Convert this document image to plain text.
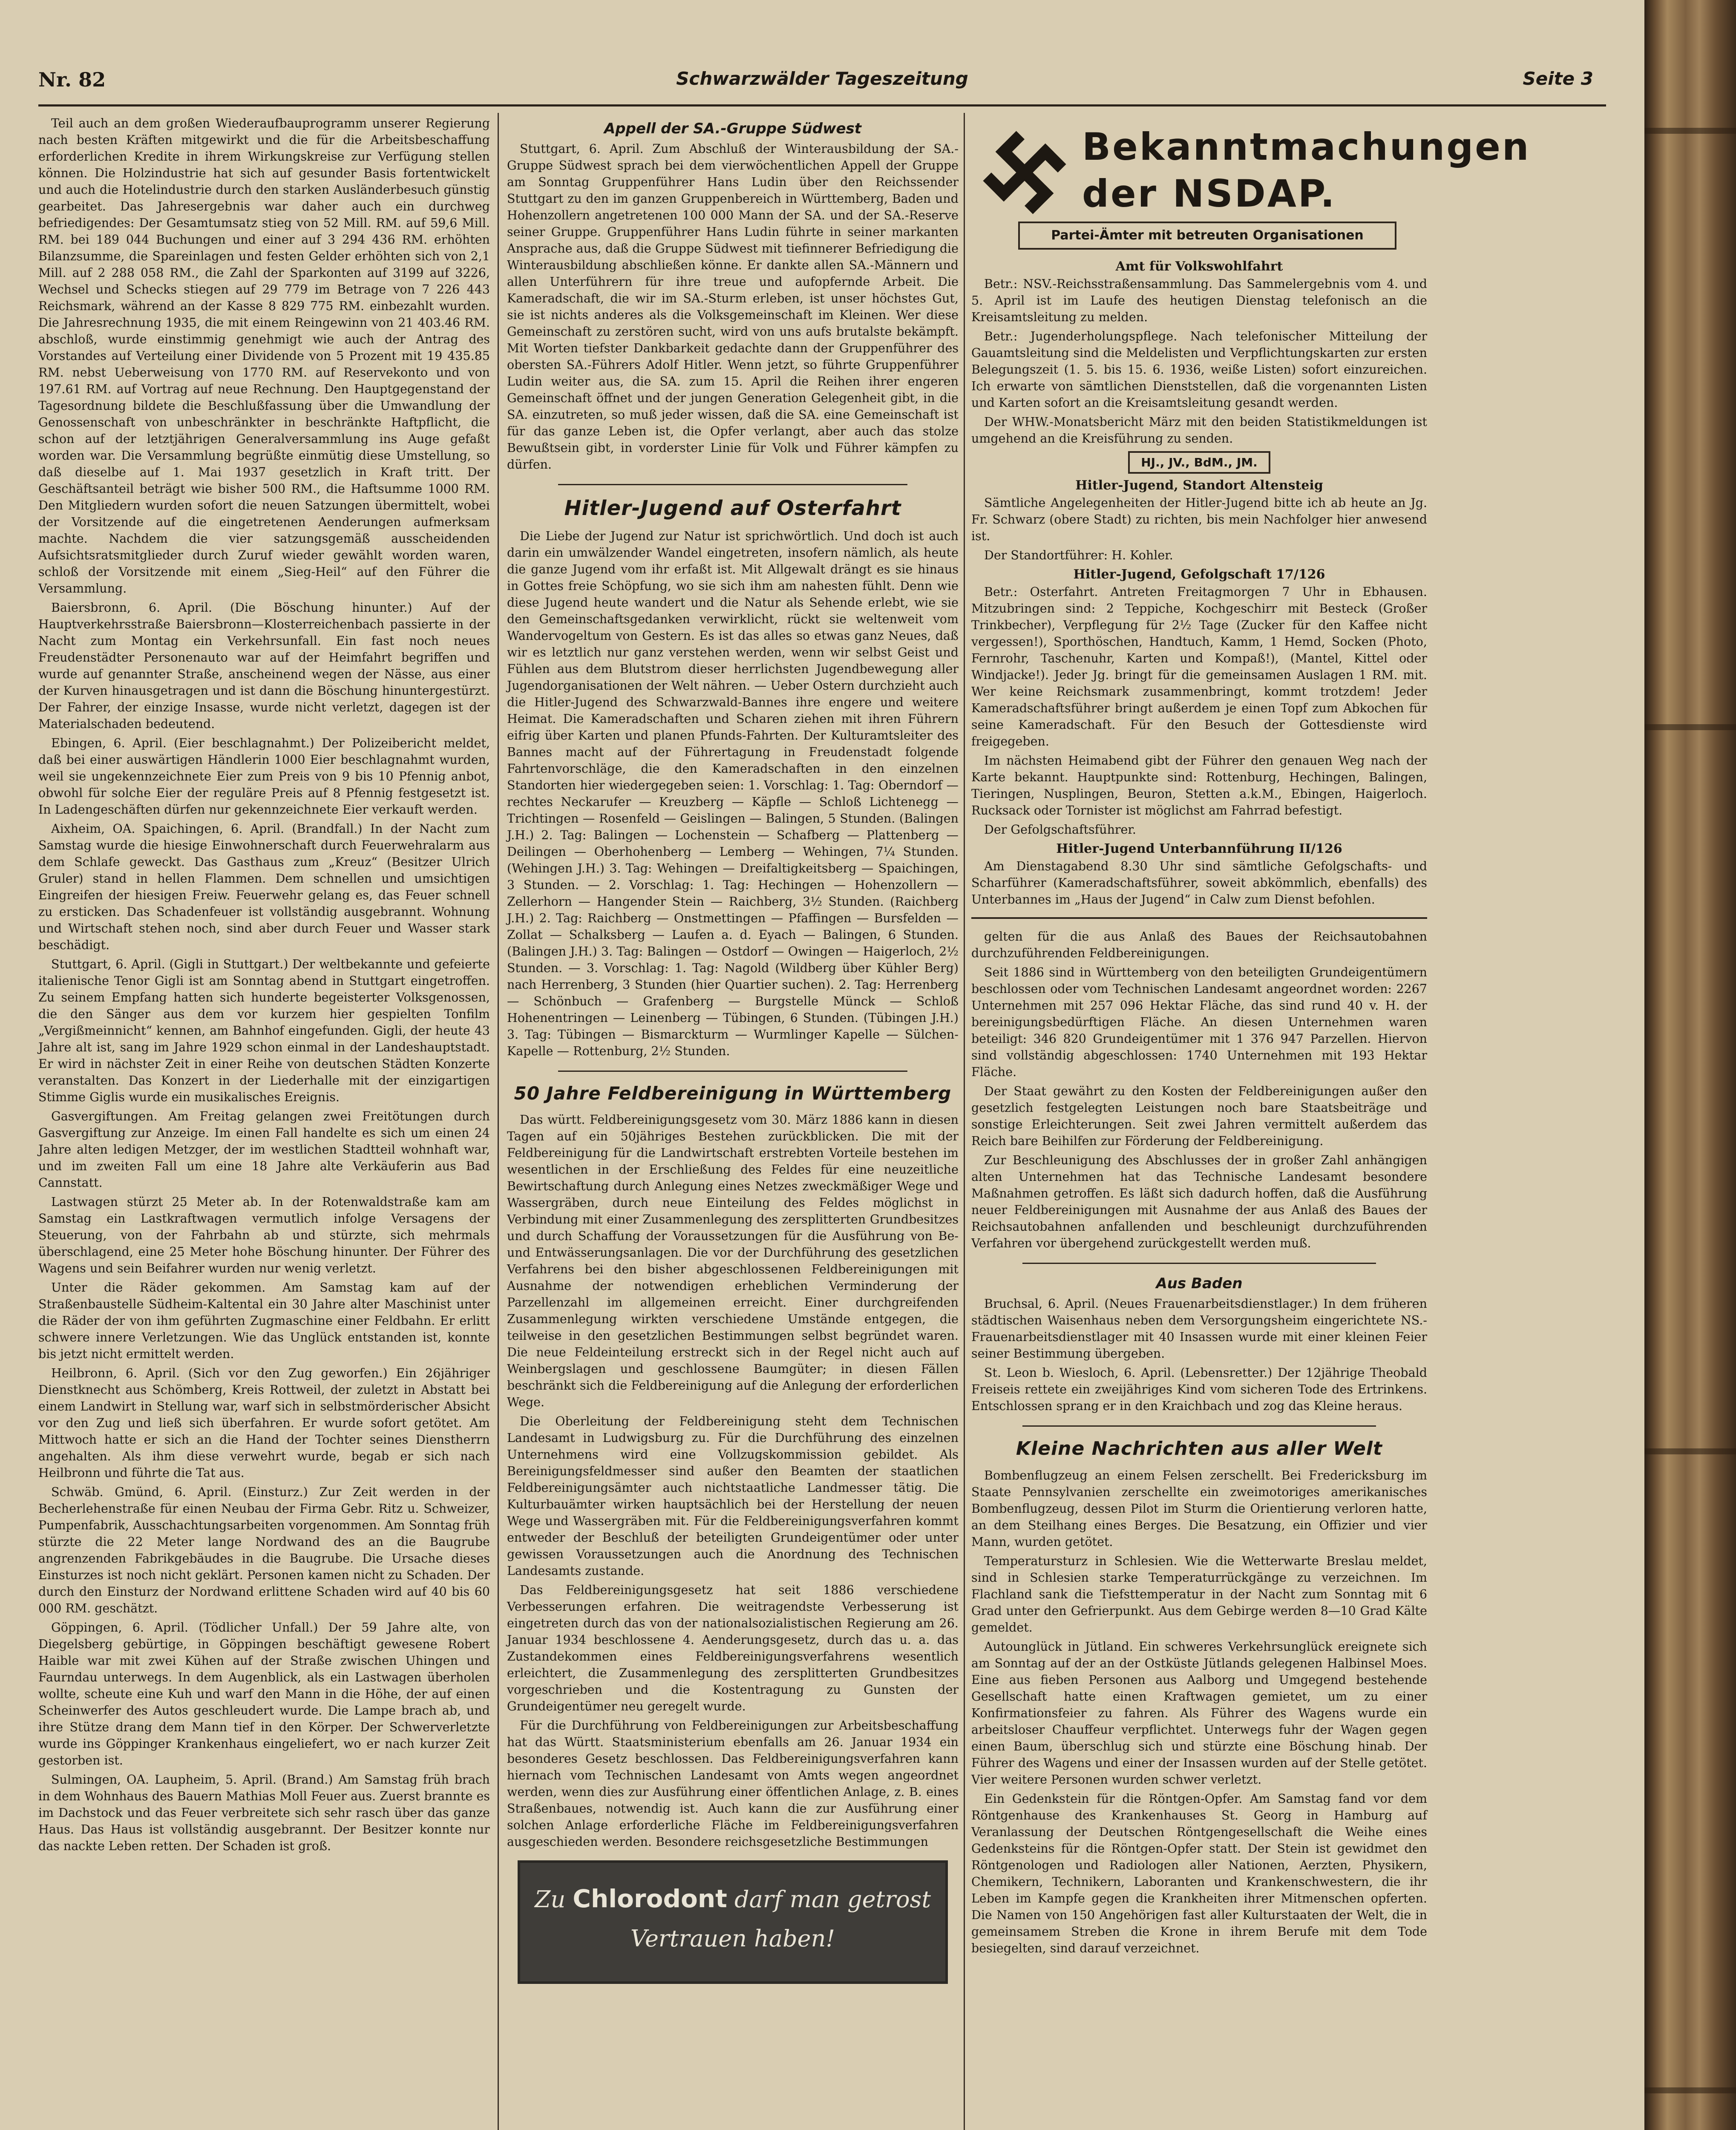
Nr. 82	Schwarzwälder Tageszeitung	Seite 3

Teil auch an dem großen Wiederaufbauprogramm unserer Regierung nach besten Kräften mitgewirkt und die für die Arbeitsbeschaffung erforderlichen Kredite in ihrem Wirkungskreise zur Verfügung stellen können. Die Holzindustrie hat sich auf gesunder Basis fortentwickelt und auch die Hotelindustrie durch den starken Ausländerbesuch günstig gearbeitet. Das Jahresergebnis war daher auch ein durchweg befriedigendes: Der Gesamtumsatz stieg von 52 Mill. RM. auf 59,6 Mill. RM. bei 189 044 Buchungen und einer auf 3 294 436 RM. erhöhten Bilanzsumme, die Spareinlagen und festen Gelder erhöhten sich von 2,1 Mill. auf 2 288 058 RM., die Zahl der Sparkonten auf 3199 auf 3226, Wechsel und Schecks stiegen auf 29 779 im Betrage von 7 226 443 Reichsmark, während an der Kasse 8 829 775 RM. einbezahlt wurden. Die Jahresrechnung 1935, die mit einem Reingewinn von 21 403.46 RM. abschloß, wurde einstimmig genehmigt wie auch der Antrag des Vorstandes auf Verteilung einer Dividende von 5 Prozent mit 19 435.85 RM. nebst Ueberweisung von 1770 RM. auf Reservekonto und von 197.61 RM. auf Vortrag auf neue Rechnung. Den Hauptgegenstand der Tagesordnung bildete die Beschlußfassung über die Umwandlung der Genossenschaft von unbeschränkter in beschränkte Haftpflicht, die schon auf der letztjährigen Generalversammlung ins Auge gefaßt worden war. Die Versammlung begrüßte einmütig diese Umstellung, so daß dieselbe auf 1. Mai 1937 gesetzlich in Kraft tritt. Der Geschäftsanteil beträgt wie bisher 500 RM., die Haftsumme 1000 RM. Den Mitgliedern wurden sofort die neuen Satzungen übermittelt, wobei der Vorsitzende auf die eingetretenen Aenderungen aufmerksam machte. Nachdem die vier satzungsgemäß ausscheidenden Aufsichtsratsmitglieder durch Zuruf wieder gewählt worden waren, schloß der Vorsitzende mit einem „Sieg-Heil“ auf den Führer die Versammlung.

Baiersbronn, 6. April. (Die Böschung hinunter.) Auf der Hauptverkehrsstraße Baiersbronn—Klosterreichenbach passierte in der Nacht zum Montag ein Verkehrsunfall. Ein fast noch neues Freudenstädter Personenauto war auf der Heimfahrt begriffen und wurde auf genannter Straße, anscheinend wegen der Nässe, aus einer der Kurven hinausgetragen und ist dann die Böschung hinuntergestürzt. Der Fahrer, der einzige Insasse, wurde nicht verletzt, dagegen ist der Materialschaden bedeutend.

Ebingen, 6. April. (Eier beschlagnahmt.) Der Polizeibericht meldet, daß bei einer auswärtigen Händlerin 1000 Eier beschlagnahmt wurden, weil sie ungekennzeichnete Eier zum Preis von 9 bis 10 Pfennig anbot, obwohl für solche Eier der reguläre Preis auf 8 Pfennig festgesetzt ist. In Ladengeschäften dürfen nur gekennzeichnete Eier verkauft werden.

Aixheim, OA. Spaichingen, 6. April. (Brandfall.) In der Nacht zum Samstag wurde die hiesige Einwohnerschaft durch Feuerwehralarm aus dem Schlafe geweckt. Das Gasthaus zum „Kreuz“ (Besitzer Ulrich Gruler) stand in hellen Flammen. Dem schnellen und umsichtigen Eingreifen der hiesigen Freiw. Feuerwehr gelang es, das Feuer schnell zu ersticken. Das Schadenfeuer ist vollständig ausgebrannt. Wohnung und Wirtschaft stehen noch, sind aber durch Feuer und Wasser stark beschädigt.

Stuttgart, 6. April. (Gigli in Stuttgart.) Der weltbekannte und gefeierte italienische Tenor Gigli ist am Sonntag abend in Stuttgart eingetroffen. Zu seinem Empfang hatten sich hunderte begeisterter Volksgenossen, die den Sänger aus dem vor kurzem hier gespielten Tonfilm „Vergißmeinnicht“ kennen, am Bahnhof eingefunden. Gigli, der heute 43 Jahre alt ist, sang im Jahre 1929 schon einmal in der Landeshauptstadt. Er wird in nächster Zeit in einer Reihe von deutschen Städten Konzerte veranstalten. Das Konzert in der Liederhalle mit der einzigartigen Stimme Giglis wurde ein musikalisches Ereignis.

Gasvergiftungen. Am Freitag gelangen zwei Freitötungen durch Gasvergiftung zur Anzeige. Im einen Fall handelte es sich um einen 24 Jahre alten ledigen Metzger, der im westlichen Stadtteil wohnhaft war, und im zweiten Fall um eine 18 Jahre alte Verkäuferin aus Bad Cannstatt.

Lastwagen stürzt 25 Meter ab. In der Rotenwaldstraße kam am Samstag ein Lastkraftwagen vermutlich infolge Versagens der Steuerung, von der Fahrbahn ab und stürzte, sich mehrmals überschlagend, eine 25 Meter hohe Böschung hinunter. Der Führer des Wagens und sein Beifahrer wurden nur wenig verletzt.

Unter die Räder gekommen. Am Samstag kam auf der Straßenbaustelle Südheim-Kaltental ein 30 Jahre alter Maschinist unter die Räder der von ihm geführten Zugmaschine einer Feldbahn. Er erlitt schwere innere Verletzungen. Wie das Unglück entstanden ist, konnte bis jetzt nicht ermittelt werden.

Heilbronn, 6. April. (Sich vor den Zug geworfen.) Ein 26jähriger Dienstknecht aus Schömberg, Kreis Rottweil, der zuletzt in Abstatt bei einem Landwirt in Stellung war, warf sich in selbstmörderischer Absicht vor den Zug und ließ sich überfahren. Er wurde sofort getötet. Am Mittwoch hatte er sich an die Hand der Tochter seines Dienstherrn angehalten. Als ihm diese verwehrt wurde, begab er sich nach Heilbronn und führte die Tat aus.

Schwäb. Gmünd, 6. April. (Einsturz.) Zur Zeit werden in der Becherlehenstraße für einen Neubau der Firma Gebr. Ritz u. Schweizer, Pumpenfabrik, Ausschachtungsarbeiten vorgenommen. Am Sonntag früh stürzte die 22 Meter lange Nordwand des an die Baugrube angrenzenden Fabrikgebäudes in die Baugrube. Die Ursache dieses Einsturzes ist noch nicht geklärt. Personen kamen nicht zu Schaden. Der durch den Einsturz der Nordwand erlittene Schaden wird auf 40 bis 60 000 RM. geschätzt.

Göppingen, 6. April. (Tödlicher Unfall.) Der 59 Jahre alte, von Diegelsberg gebürtige, in Göppingen beschäftigt gewesene Robert Haible war mit zwei Kühen auf der Straße zwischen Uhingen und Faurndau unterwegs. In dem Augenblick, als ein Lastwagen überholen wollte, scheute eine Kuh und warf den Mann in die Höhe, der auf einen Scheinwerfer des Autos geschleudert wurde. Die Lampe brach ab, und ihre Stütze drang dem Mann tief in den Körper. Der Schwerverletzte wurde ins Göppinger Krankenhaus eingeliefert, wo er nach kurzer Zeit gestorben ist.

Sulmingen, OA. Laupheim, 5. April. (Brand.) Am Samstag früh brach in dem Wohnhaus des Bauern Mathias Moll Feuer aus. Zuerst brannte es im Dachstock und das Feuer verbreitete sich sehr rasch über das ganze Haus. Das Haus ist vollständig ausgebrannt. Der Besitzer konnte nur das nackte Leben retten. Der Schaden ist groß.

Appell der SA.-Gruppe Südwest

Stuttgart, 6. April. Zum Abschluß der Winterausbildung der SA.-Gruppe Südwest sprach bei dem vierwöchentlichen Appell der Gruppe am Sonntag Gruppenführer Hans Ludin über den Reichssender Stuttgart zu den im ganzen Gruppenbereich in Württemberg, Baden und Hohenzollern angetretenen 100 000 Mann der SA. und der SA.-Reserve seiner Gruppe. Gruppenführer Hans Ludin führte in seiner markanten Ansprache aus, daß die Gruppe Südwest mit tiefinnerer Befriedigung die Winterausbildung abschließen könne. Er dankte allen SA.-Männern und allen Unterführern für ihre treue und aufopfernde Arbeit. Die Kameradschaft, die wir im SA.-Sturm erleben, ist unser höchstes Gut, sie ist nichts anderes als die Volksgemeinschaft im Kleinen. Wer diese Gemeinschaft zu zerstören sucht, wird von uns aufs brutalste bekämpft. Mit Worten tiefster Dankbarkeit gedachte dann der Gruppenführer des obersten SA.-Führers Adolf Hitler. Wenn jetzt, so führte Gruppenführer Ludin weiter aus, die SA. zum 15. April die Reihen ihrer engeren Gemeinschaft öffnet und der jungen Generation Gelegenheit gibt, in die SA. einzutreten, so muß jeder wissen, daß die SA. eine Gemeinschaft ist für das ganze Leben ist, die Opfer verlangt, aber auch das stolze Bewußtsein gibt, in vorderster Linie für Volk und Führer kämpfen zu dürfen.

Hitler-Jugend auf Osterfahrt

Die Liebe der Jugend zur Natur ist sprichwörtlich. Und doch ist auch darin ein umwälzender Wandel eingetreten, insofern nämlich, als heute die ganze Jugend vom ihr erfaßt ist. Mit Allgewalt drängt es sie hinaus in Gottes freie Schöpfung, wo sie sich ihm am nahesten fühlt. Denn wie diese Jugend heute wandert und die Natur als Sehende erlebt, wie sie den Gemeinschaftsgedanken verwirklicht, rückt sie weltenweit vom Wandervogeltum von Gestern. Es ist das alles so etwas ganz Neues, daß wir es letztlich nur ganz verstehen werden, wenn wir selbst Geist und Fühlen aus dem Blutstrom dieser herrlichsten Jugendbewegung aller Jugendorganisationen der Welt nähren. — Ueber Ostern durchzieht auch die Hitler-Jugend des Schwarzwald-Bannes ihre engere und weitere Heimat. Die Kameradschaften und Scharen ziehen mit ihren Führern eifrig über Karten und planen Pfunds-Fahrten. Der Kulturamtsleiter des Bannes macht auf der Führertagung in Freudenstadt folgende Fahrtenvorschläge, die den Kameradschaften in den einzelnen Standorten hier wiedergegeben seien: 1. Vorschlag: 1. Tag: Oberndorf — rechtes Neckarufer — Kreuzberg — Käpfle — Schloß Lichtenegg — Trichtingen — Rosenfeld — Geislingen — Balingen, 5 Stunden. (Balingen J.H.) 2. Tag: Balingen — Lochenstein — Schafberg — Plattenberg — Deilingen — Oberhohenberg — Lemberg — Wehingen, 7¼ Stunden. (Wehingen J.H.) 3. Tag: Wehingen — Dreifaltigkeitsberg — Spaichingen, 3 Stunden. — 2. Vorschlag: 1. Tag: Hechingen — Hohenzollern — Zellerhorn — Hangender Stein — Raichberg, 3½ Stunden. (Raichberg J.H.) 2. Tag: Raichberg — Onstmettingen — Pfaffingen — Bursfelden — Zollat — Schalksberg — Laufen a. d. Eyach — Balingen, 6 Stunden. (Balingen J.H.) 3. Tag: Balingen — Ostdorf — Owingen — Haigerloch, 2½ Stunden. — 3. Vorschlag: 1. Tag: Nagold (Wildberg über Kühler Berg) nach Herrenberg, 3 Stunden (hier Quartier suchen). 2. Tag: Herrenberg — Schönbuch — Grafenberg — Burgstelle Münck — Schloß Hohenentringen — Leinenberg — Tübingen, 6 Stunden. (Tübingen J.H.) 3. Tag: Tübingen — Bismarckturm — Wurmlinger Kapelle — Sülchen-Kapelle — Rottenburg, 2½ Stunden.

50 Jahre Feldbereinigung in Württemberg

Das württ. Feldbereinigungsgesetz vom 30. März 1886 kann in diesen Tagen auf ein 50jähriges Bestehen zurückblicken. Die mit der Feldbereinigung für die Landwirtschaft erstrebten Vorteile bestehen im wesentlichen in der Erschließung des Feldes für eine neuzeitliche Bewirtschaftung durch Anlegung eines Netzes zweckmäßiger Wege und Wassergräben, durch neue Einteilung des Feldes möglichst in Verbindung mit einer Zusammenlegung des zersplitterten Grundbesitzes und durch Schaffung der Voraussetzungen für die Ausführung von Be- und Entwässerungsanlagen. Die vor der Durchführung des gesetzlichen Verfahrens bei den bisher abgeschlossenen Feldbereinigungen mit Ausnahme der notwendigen erheblichen Verminderung der Parzellenzahl im allgemeinen erreicht. Einer durchgreifenden Zusammenlegung wirkten verschiedene Umstände entgegen, die teilweise in den gesetzlichen Bestimmungen selbst begründet waren. Die neue Feldeinteilung erstreckt sich in der Regel nicht auch auf Weinbergslagen und geschlossene Baumgüter; in diesen Fällen beschränkt sich die Feldbereinigung auf die Anlegung der erforderlichen Wege.

Die Oberleitung der Feldbereinigung steht dem Technischen Landesamt in Ludwigsburg zu. Für die Durchführung des einzelnen Unternehmens wird eine Vollzugskommission gebildet. Als Bereinigungsfeldmesser sind außer den Beamten der staatlichen Feldbereinigungsämter auch nichtstaatliche Landmesser tätig. Die Kulturbauämter wirken hauptsächlich bei der Herstellung der neuen Wege und Wassergräben mit. Für die Feldbereinigungsverfahren kommt entweder der Beschluß der beteiligten Grundeigentümer oder unter gewissen Voraussetzungen auch die Anordnung des Technischen Landesamts zustande.

Das Feldbereinigungsgesetz hat seit 1886 verschiedene Verbesserungen erfahren. Die weitragendste Verbesserung ist eingetreten durch das von der nationalsozialistischen Regierung am 26. Januar 1934 beschlossene 4. Aenderungsgesetz, durch das u. a. das Zustandekommen eines Feldbereinigungsverfahrens wesentlich erleichtert, die Zusammenlegung des zersplitterten Grundbesitzes vorgeschrieben und die Kostentragung zu Gunsten der Grundeigentümer neu geregelt wurde.

Für die Durchführung von Feldbereinigungen zur Arbeitsbeschaffung hat das Württ. Staatsministerium ebenfalls am 26. Januar 1934 ein besonderes Gesetz beschlossen. Das Feldbereinigungsverfahren kann hiernach vom Technischen Landesamt von Amts wegen angeordnet werden, wenn dies zur Ausführung einer öffentlichen Anlage, z. B. eines Straßenbaues, notwendig ist. Auch kann die zur Ausführung einer solchen Anlage erforderliche Fläche im Feldbereinigungsverfahren ausgeschieden werden. Besondere reichsgesetzliche Bestimmungen

Zu Chlorodont darf man getrost
Vertrauen haben!
Bekanntmachungen
der NSDAP.
Partei-Ämter mit betreuten Organisationen
Amt für Volkswohlfahrt

Betr.: NSV.-Reichsstraßensammlung. Das Sammelergebnis vom 4. und 5. April ist im Laufe des heutigen Dienstag telefonisch an die Kreisamtsleitung zu melden.

Betr.: Jugenderholungspflege. Nach telefonischer Mitteilung der Gauamtsleitung sind die Meldelisten und Verpflichtungskarten zur ersten Belegungszeit (1. 5. bis 15. 6. 1936, weiße Listen) sofort einzureichen. Ich erwarte von sämtlichen Dienststellen, daß die vorgenannten Listen und Karten sofort an die Kreisamtsleitung gesandt werden.

Der WHW.-Monatsbericht März mit den beiden Statistikmeldungen ist umgehend an die Kreisführung zu senden.

HJ., JV., BdM., JM.
Hitler-Jugend, Standort Altensteig

Sämtliche Angelegenheiten der Hitler-Jugend bitte ich ab heute an Jg. Fr. Schwarz (obere Stadt) zu richten, bis mein Nachfolger hier anwesend ist.

Der Standortführer: H. Kohler.

Hitler-Jugend, Gefolgschaft 17/126

Betr.: Osterfahrt. Antreten Freitagmorgen 7 Uhr in Ebhausen. Mitzubringen sind: 2 Teppiche, Kochgeschirr mit Besteck (Großer Trinkbecher), Verpflegung für 2½ Tage (Zucker für den Kaffee nicht vergessen!), Sporthöschen, Handtuch, Kamm, 1 Hemd, Socken (Photo, Fernrohr, Taschenuhr, Karten und Kompaß!), (Mantel, Kittel oder Windjacke!). Jeder Jg. bringt für die gemeinsamen Auslagen 1 RM. mit. Wer keine Reichsmark zusammenbringt, kommt trotzdem! Jeder Kameradschaftsführer bringt außerdem je einen Topf zum Abkochen für seine Kameradschaft. Für den Besuch der Gottesdienste wird freigegeben.

Im nächsten Heimabend gibt der Führer den genauen Weg nach der Karte bekannt. Hauptpunkte sind: Rottenburg, Hechingen, Balingen, Tieringen, Nusplingen, Beuron, Stetten a.k.M., Ebingen, Haigerloch. Rucksack oder Tornister ist möglichst am Fahrrad befestigt.

Der Gefolgschaftsführer.

Hitler-Jugend Unterbannführung II/126

Am Dienstagabend 8.30 Uhr sind sämtliche Gefolgschafts- und Scharführer (Kameradschaftsführer, soweit abkömmlich, ebenfalls) des Unterbannes im „Haus der Jugend“ in Calw zum Dienst befohlen.

gelten für die aus Anlaß des Baues der Reichsautobahnen durchzuführenden Feldbereinigungen.

Seit 1886 sind in Württemberg von den beteiligten Grundeigentümern beschlossen oder vom Technischen Landesamt angeordnet worden: 2267 Unternehmen mit 257 096 Hektar Fläche, das sind rund 40 v. H. der bereinigungsbedürftigen Fläche. An diesen Unternehmen waren beteiligt: 346 820 Grundeigentümer mit 1 376 947 Parzellen. Hiervon sind vollständig abgeschlossen: 1740 Unternehmen mit 193 Hektar Fläche.

Der Staat gewährt zu den Kosten der Feldbereinigungen außer den gesetzlich festgelegten Leistungen noch bare Staatsbeiträge und sonstige Erleichterungen. Seit zwei Jahren vermittelt außerdem das Reich bare Beihilfen zur Förderung der Feldbereinigung.

Zur Beschleunigung des Abschlusses der in großer Zahl anhängigen alten Unternehmen hat das Technische Landesamt besondere Maßnahmen getroffen. Es läßt sich dadurch hoffen, daß die Ausführung neuer Feldbereinigungen mit Ausnahme der aus Anlaß des Baues der Reichsautobahnen anfallenden und beschleunigt durchzuführenden Verfahren vor übergehend zurückgestellt werden muß.

Aus Baden

Bruchsal, 6. April. (Neues Frauenarbeitsdienstlager.) In dem früheren städtischen Waisenhaus neben dem Versorgungsheim eingerichtete NS.-Frauenarbeitsdienstlager mit 40 Insassen wurde mit einer kleinen Feier seiner Bestimmung übergeben.

St. Leon b. Wiesloch, 6. April. (Lebensretter.) Der 12jährige Theobald Freiseis rettete ein zweijähriges Kind vom sicheren Tode des Ertrinkens. Entschlossen sprang er in den Kraichbach und zog das Kleine heraus.

Kleine Nachrichten aus aller Welt

Bombenflugzeug an einem Felsen zerschellt. Bei Fredericksburg im Staate Pennsylvanien zerschellte ein zweimotoriges amerikanisches Bombenflugzeug, dessen Pilot im Sturm die Orientierung verloren hatte, an dem Steilhang eines Berges. Die Besatzung, ein Offizier und vier Mann, wurden getötet.

Temperatursturz in Schlesien. Wie die Wetterwarte Breslau meldet, sind in Schlesien starke Temperaturrückgänge zu verzeichnen. Im Flachland sank die Tiefsttemperatur in der Nacht zum Sonntag mit 6 Grad unter den Gefrierpunkt. Aus dem Gebirge werden 8—10 Grad Kälte gemeldet.

Autounglück in Jütland. Ein schweres Verkehrsunglück ereignete sich am Sonntag auf der an der Ostküste Jütlands gelegenen Halbinsel Moes. Eine aus fieben Personen aus Aalborg und Umgegend bestehende Gesellschaft hatte einen Kraftwagen gemietet, um zu einer Konfirmationsfeier zu fahren. Als Führer des Wagens wurde ein arbeitsloser Chauffeur verpflichtet. Unterwegs fuhr der Wagen gegen einen Baum, überschlug sich und stürzte eine Böschung hinab. Der Führer des Wagens und einer der Insassen wurden auf der Stelle getötet. Vier weitere Personen wurden schwer verletzt.

Ein Gedenkstein für die Röntgen-Opfer. Am Samstag fand vor dem Röntgenhause des Krankenhauses St. Georg in Hamburg auf Veranlassung der Deutschen Röntgengesellschaft die Weihe eines Gedenksteins für die Röntgen-Opfer statt. Der Stein ist gewidmet den Röntgenologen und Radiologen aller Nationen, Aerzten, Physikern, Chemikern, Technikern, Laboranten und Krankenschwestern, die ihr Leben im Kampfe gegen die Krankheiten ihrer Mitmenschen opferten. Die Namen von 150 Angehörigen fast aller Kulturstaaten der Welt, die in gemeinsamem Streben die Krone in ihrem Berufe mit dem Tode besiegelten, sind darauf verzeichnet.
